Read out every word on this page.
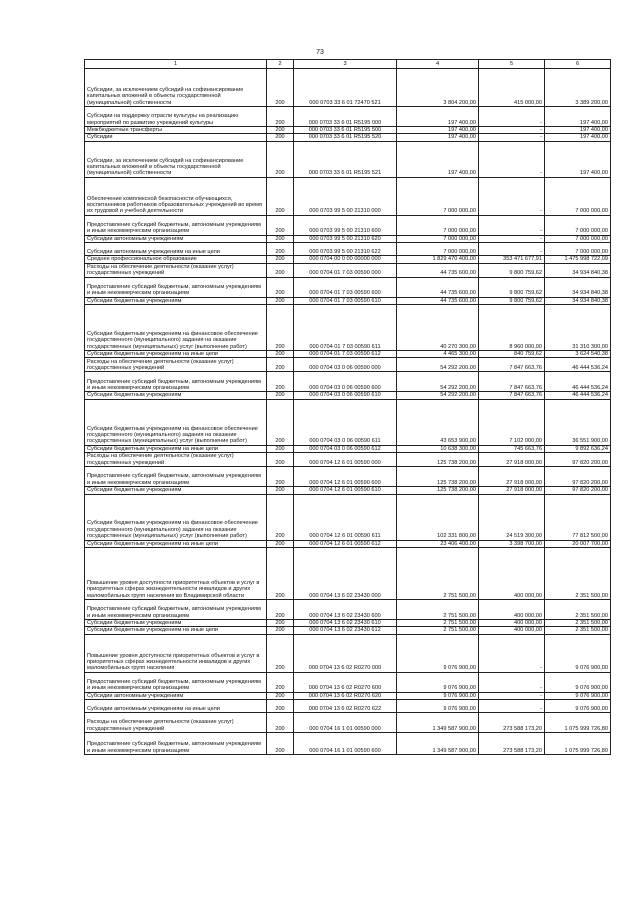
73
1	2	3	4	5	6
Субсидии, за исключением субсидий на софинансирование капитальных вложений в объекты государственной (муниципальной) собственности	200	000 0703 33 6 01 72470 521	3 804 200,00	415 000,00	3 389 200,00
Субсидии на поддержку отрасли культуры на реализацию мероприятий по развитию учреждений культуры	200	000 0703 33 6 01 R5195 000	197 400,00	-	197 400,00
Межбюджетные трансферты	200	000 0703 33 6 01 R5195 500	197 400,00	-	197 400,00
Субсидии	200	000 0703 33 6 01 R5195 520	197 400,00	-	197 400,00
Субсидии, за исключением субсидий на софинансирование капитальных вложений в объекты государственной (муниципальной) собственности	200	000 0703 33 6 01 R5195 521	197 400,00	-	197 400,00
Обеспечение комплексной безопасности обучающихся, воспитанников работников образовательных учреждений во время их трудовой и учебной деятельности	200	000 0703 99 5 00 21310 000	7 000 000,00	-	7 000 000,00
Предоставление субсидий бюджетным, автономным учреждениям и иным некоммерческим организациям	200	000 0703 99 5 00 21310 600	7 000 000,00	-	7 000 000,00
Субсидии автономным учреждениям	200	000 0703 99 5 00 21310 620	7 000 000,00	-	7 000 000,00
Субсидии автономным учреждениям на иные цели	200	000 0703 99 5 00 21310 622	7 000 000,00	-	7 000 000,00
Среднее профессиональное образование	200	000 0704 00 0 00 00000 000	1 829 470 400,00	353 471 677,91	1 475 998 722,09
Расходы на обеспечение деятельности (оказание услуг) государственных учреждений	200	000 0704 01 7 03 00590 000	44 735 600,00	9 800 759,62	34 934 840,38
Предоставление субсидий бюджетным, автономным учреждениям и иным некоммерческим организациям	200	000 0704 01 7 03 00590 600	44 735 600,00	9 800 759,62	34 934 840,38
Субсидии бюджетным учреждениям	200	000 0704 01 7 03 00590 610	44 735 600,00	9 800 759,62	34 934 840,38
Субсидии бюджетным учреждениям на финансовое обеспечение государственного (муниципального) задания на оказание государственных (муниципальных) услуг (выполнение работ)	200	000 0704 01 7 03 00590 611	40 270 300,00	8 960 000,00	31 310 300,00
Субсидии бюджетным учреждениям на иные цели	200	000 0704 01 7 03 00590 612	4 465 300,00	840 759,62	3 624 540,38
Расходы на обеспечение деятельности (оказание услуг) государственных учреждений	200	000 0704 03 0 06 00590 000	54 292 200,00	7 847 663,76	46 444 536,24
Предоставление субсидий бюджетным, автономным учреждениям и иным некоммерческим организациям	200	000 0704 03 0 06 00590 600	54 292 200,00	7 847 663,76	46 444 536,24
Субсидии бюджетным учреждениям	200	000 0704 03 0 06 00590 610	54 292 200,00	7 847 663,76	46 444 536,24
Субсидии бюджетным учреждениям на финансовое обеспечение государственного (муниципального) задания на оказание государственных (муниципальных) услуг (выполнение работ)	200	000 0704 03 0 06 00590 611	43 653 900,00	7 102 000,00	36 551 900,00
Субсидии бюджетным учреждениям на иные цели	200	000 0704 03 0 06 00590 612	10 638 300,00	745 663,76	9 892 636,24
Расходы на обеспечение деятельности (оказание услуг) государственных учреждений	200	000 0704 12 6 01 00590 000	125 738 200,00	27 918 000,00	97 820 200,00
Предоставление субсидий бюджетным, автономным учреждениям и иным некоммерческим организациям	200	000 0704 12 6 01 00590 600	125 738 200,00	27 918 000,00	97 820 200,00
Субсидии бюджетным учреждениям	200	000 0704 12 6 01 00590 610	125 738 200,00	27 918 000,00	97 820 200,00
Субсидии бюджетным учреждениям на финансовое обеспечение государственного (муниципального) задания на оказание государственных (муниципальных) услуг (выполнение работ)	200	000 0704 12 6 01 00590 611	102 331 800,00	24 519 300,00	77 812 500,00
Субсидии бюджетным учреждениям на иные цели	200	000 0704 12 6 01 00590 612	23 406 400,00	3 398 700,00	20 007 700,00
Повышение уровня доступности приоритетных объектов и услуг в приоритетных сферах жизнедеятельности инвалидов и других маломобильных групп населения во Владимирской области	200	000 0704 13 6 02 23430 000	2 751 500,00	400 000,00	2 351 500,00
Предоставление субсидий бюджетным, автономным учреждениям и иным некоммерческим организациям	200	000 0704 13 6 02 23430 600	2 751 500,00	400 000,00	2 351 500,00
Субсидии бюджетным учреждениям	200	000 0704 13 6 02 23430 610	2 751 500,00	400 000,00	2 351 500,00
Субсидии бюджетным учреждениям на иные цели	200	000 0704 13 6 02 23430 612	2 751 500,00	400 000,00	2 351 500,00
Повышение уровня доступности приоритетных объектов и услуг в приоритетных сферах жизнедеятельности инвалидов и других маломобильных групп населения	200	000 0704 13 6 02 R0270 000	9 076 900,00	-	9 076 900,00
Предоставление субсидий бюджетным, автономным учреждениям и иным некоммерческим организациям	200	000 0704 13 6 02 R0270 600	9 076 900,00	-	9 076 900,00
Субсидии автономным учреждениям	200	000 0704 13 6 02 R0270 620	9 076 900,00	-	9 076 900,00
Субсидии автономным учреждениям на иные цели	200	000 0704 13 6 02 R0270 622	9 076 900,00	-	9 076 900,00
Расходы на обеспечение деятельности (оказание услуг) государственных учреждений	200	000 0704 16 1 01 00590 000	1 349 587 900,00	273 588 173,20	1 075 999 726,80
Предоставление субсидий бюджетным, автономным учреждениям и иным некоммерческим организациям	200	000 0704 16 1 01 00590 600	1 349 587 900,00	273 588 173,20	1 075 999 726,80
